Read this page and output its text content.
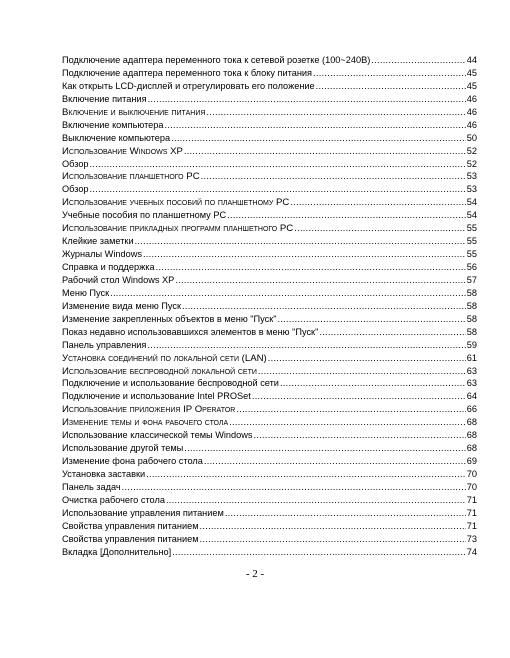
Подключение адаптера переменного тока к сетевой розетке (100~240В) .....	44
Подключение адаптера переменного тока к блоку питания .....	45
Как открыть LCD-дисплей и отрегулировать его положение .....	45
Включение питания .....	46
Включение и выключение питания .....	46
Включение компьютера .....	46
Выключение компьютера .....	50
Использование Windows XP .....	52
Обзор .....	52
Использование планшетного PC .....	53
Обзор .....	53
Использование учебных пособий по планшетному PC .....	54
Учебные пособия по планшетному PC .....	54
Использование прикладных программ планшетного PC .....	55
Клейкие заметки .....	55
Журналы Windows .....	55
Справка и поддержка .....	56
Рабочий стол Windows XP .....	57
Меню Пуск .....	58
Изменение вида меню Пуск .....	58
Изменение закрепленных объектов в меню "Пуск" .....	58
Показ недавно использовавшихся элементов в меню "Пуск" .....	58
Панель управления .....	59
Установка соединений по локальной сети (LAN) .....	61
Использование беспроводной локальной сети .....	63
Подключение и использование беспроводной сети .....	63
Подключение и использование Intel PROSet .....	64
Использование приложения IP Operator .....	66
Изменение темы и фона рабочего стола .....	68
Использование классической темы Windows .....	68
Использование другой темы .....	68
Изменение фона рабочего стола .....	69
Установка заставки .....	70
Панель задач .....	70
Очистка рабочего стола .....	71
Использование управления питанием .....	71
Свойства управления питанием .....	71
Свойства управления питанием .....	73
Вкладка [Дополнительно] .....	74
- 2 -
